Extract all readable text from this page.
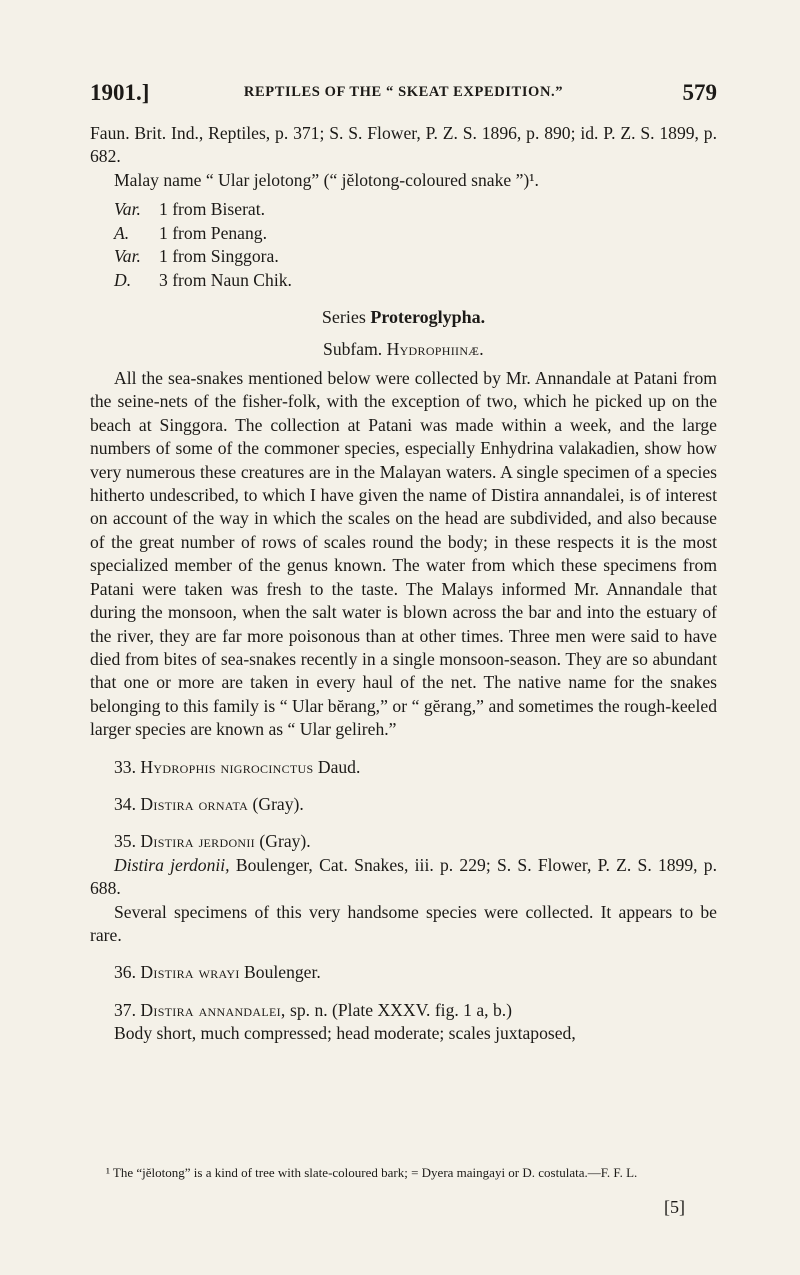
1901.]	REPTILES OF THE “ SKEAT EXPEDITION.”	579

Faun. Brit. Ind., Reptiles, p. 371; S. S. Flower, P. Z. S. 1896, p. 890; id. P. Z. S. 1899, p. 682.

Malay name “ Ular jelotong” (“ jĕlotong-coloured snake ”)¹.

Var. A.
1 from Biserat.
1 from Penang.
Var. D.
1 from Singgora.
3 from Naun Chik.

Series Proteroglypha.

Subfam. Hydrophiinæ.

All the sea-snakes mentioned below were collected by Mr. Annandale at Patani from the seine-nets of the fisher-folk, with the exception of two, which he picked up on the beach at Singgora. The collection at Patani was made within a week, and the large numbers of some of the commoner species, especially Enhydrina valakadien, show how very numerous these creatures are in the Malayan waters. A single specimen of a species hitherto undescribed, to which I have given the name of Distira annandalei, is of interest on account of the way in which the scales on the head are subdivided, and also because of the great number of rows of scales round the body; in these respects it is the most specialized member of the genus known. The water from which these specimens from Patani were taken was fresh to the taste. The Malays informed Mr. Annandale that during the monsoon, when the salt water is blown across the bar and into the estuary of the river, they are far more poisonous than at other times. Three men were said to have died from bites of sea-snakes recently in a single monsoon-season. They are so abundant that one or more are taken in every haul of the net. The native name for the snakes belonging to this family is “ Ular bĕrang,” or “ gĕrang,” and sometimes the rough-keeled larger species are known as “ Ular gelireh.”

33. Hydrophis nigrocinctus Daud.

34. Distira ornata (Gray).

35. Distira jerdonii (Gray).

Distira jerdonii, Boulenger, Cat. Snakes, iii. p. 229; S. S. Flower, P. Z. S. 1899, p. 688.

Several specimens of this very handsome species were collected. It appears to be rare.

36. Distira wrayi Boulenger.

37. Distira annandalei, sp. n. (Plate XXXV. fig. 1 a, b.)

Body short, much compressed; head moderate; scales juxtaposed,

¹ The “jĕlotong” is a kind of tree with slate-coloured bark; = Dyera maingayi or D. costulata.—F. F. L.

[5]
